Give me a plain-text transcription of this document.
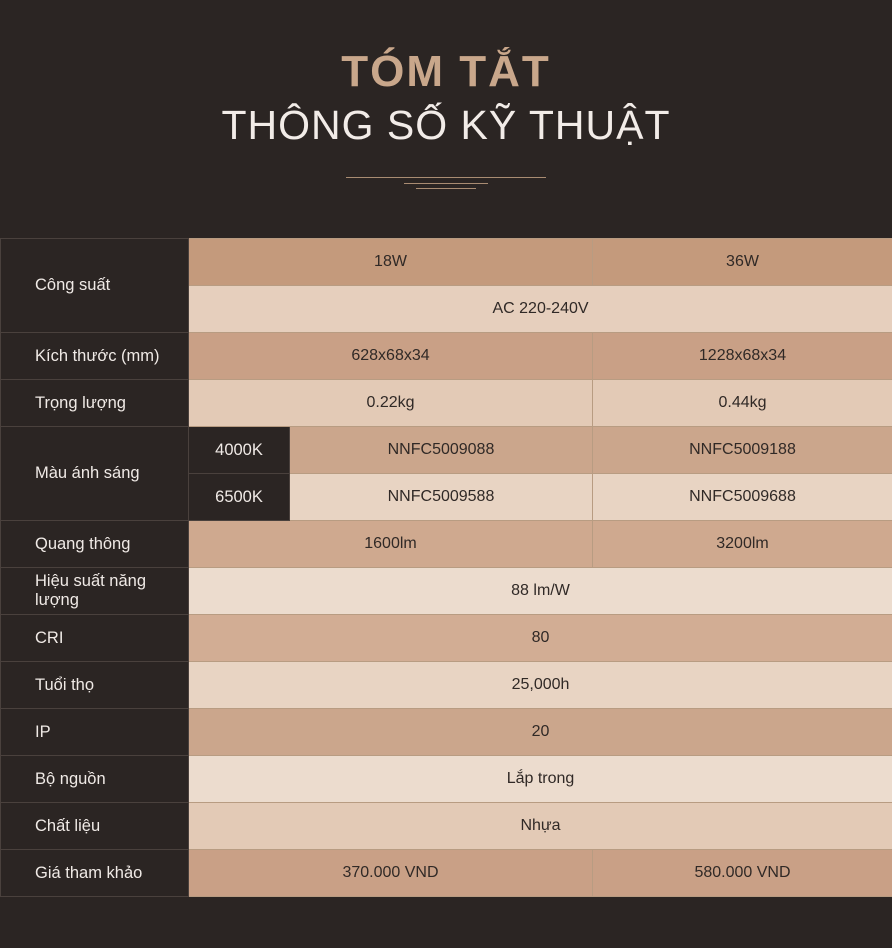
TÓM TẮT
THÔNG SỐ KỸ THUẬT
Công suất	18W		36W
	AC 220-240V		
Kích thước (mm)	628x68x34		1228x68x34
Trọng lượng	0.22kg		0.44kg
Màu ánh sáng	4000K	NNFC5009088	NNFC5009188
	6500K	NNFC5009588	NNFC5009688
Quang thông	1600lm		3200lm
Hiệu suất năng lượng	88 lm/W		
CRI	80		
Tuổi thọ	25,000h		
IP	20		
Bộ nguồn	Lắp trong		
Chất liệu	Nhựa		
Giá tham khảo	370.000 VND		580.000 VND
